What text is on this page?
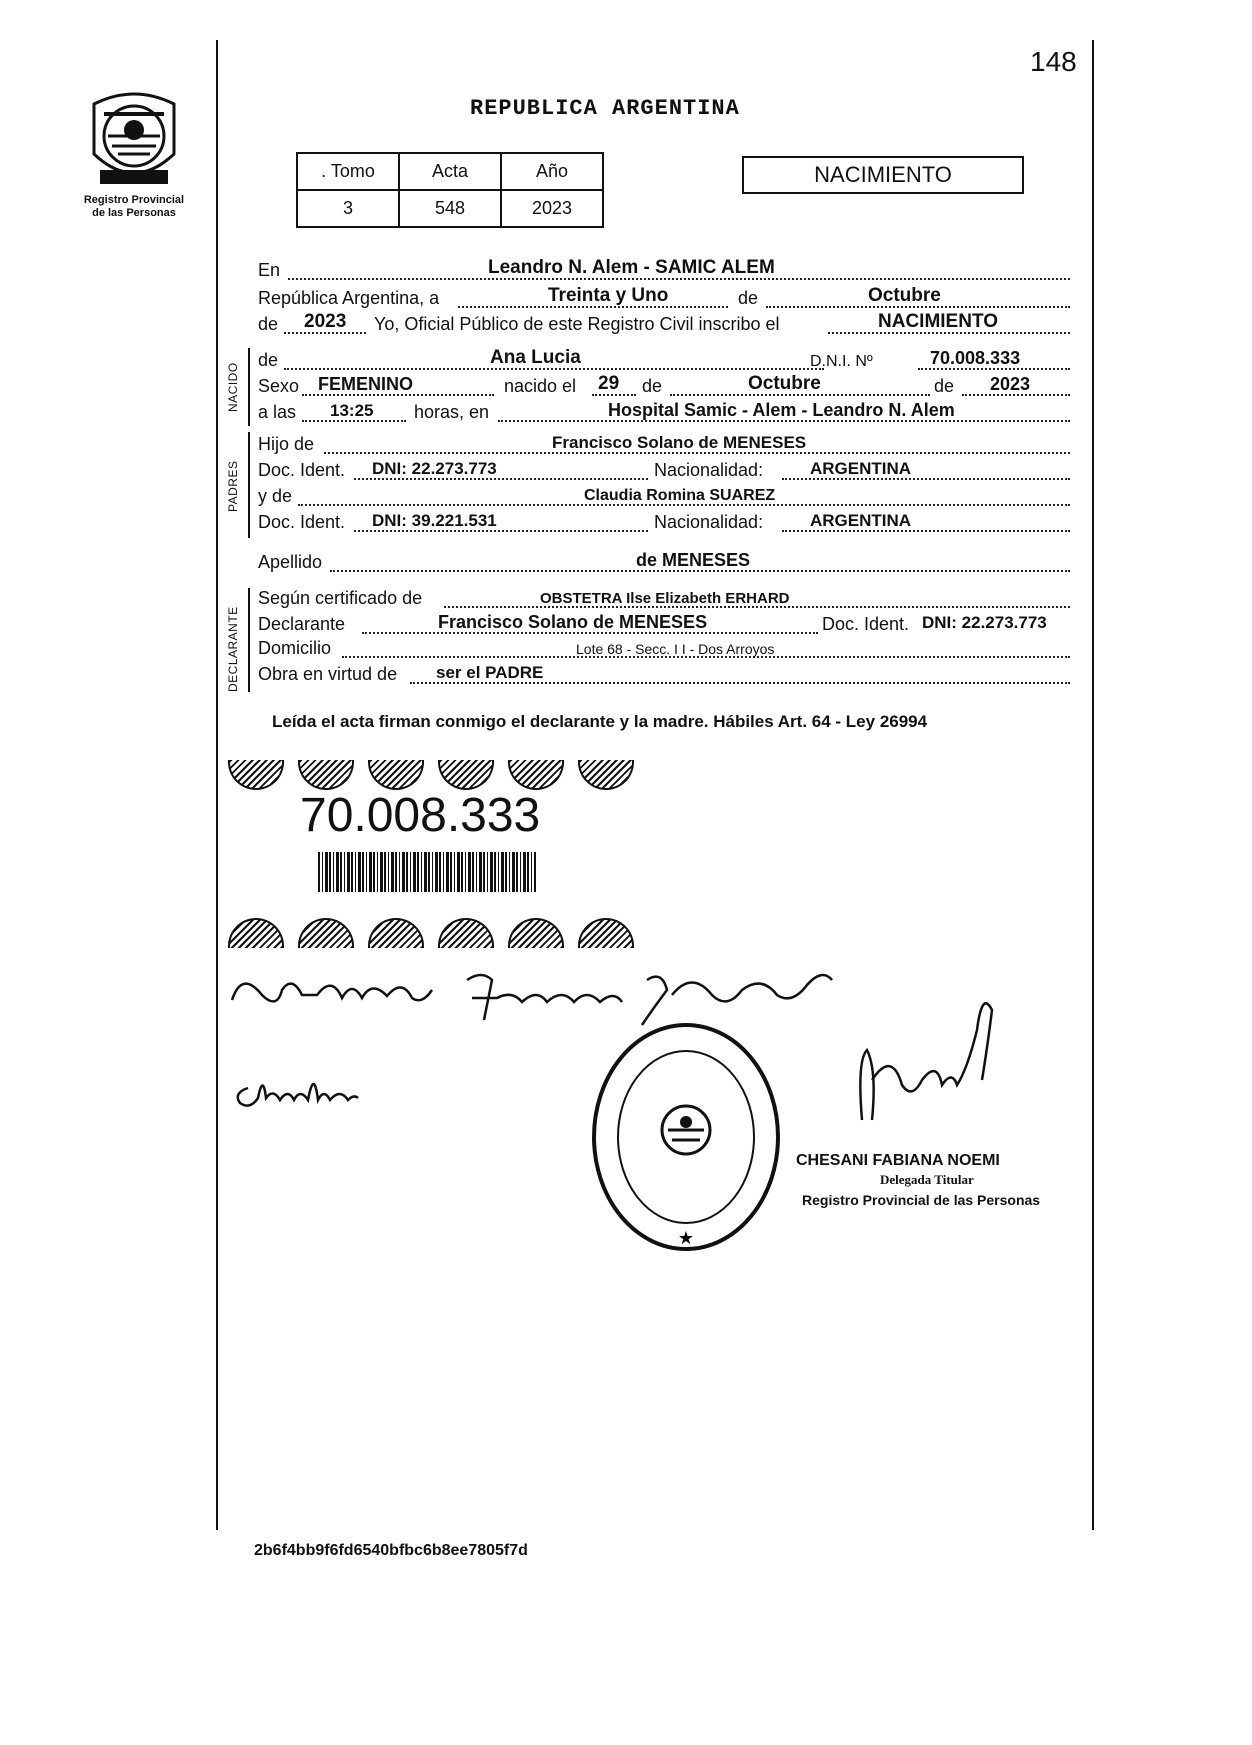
Registro Provincial
de las Personas
148
REPUBLICA ARGENTINA
. Tomo	Acta	Año
3	548	2023
NACIMIENTO
En	Leandro N. Alem - SAMIC ALEM
República Argentina, a	Treinta y Uno	de	Octubre
de 2023 Yo, Oficial Público de este Registro Civil inscribo el	NACIMIENTO
NACIDO
de	Ana Lucia	D.N.I. Nº	70.008.333
Sexo FEMENINO	nacido el 29 de	Octubre	de 2023
a las 13:25 horas, en	Hospital Samic - Alem - Leandro N. Alem
PADRES
Hijo de	Francisco Solano de MENESES
Doc. Ident. DNI: 22.273.773	Nacionalidad:	ARGENTINA
y de	Claudia Romina SUAREZ
Doc. Ident. DNI: 39.221.531	Nacionalidad:	ARGENTINA
Apellido	de MENESES
DECLARANTE
Según certificado de	OBSTETRA Ilse Elizabeth ERHARD
Declarante	Francisco Solano de MENESES	Doc. Ident. DNI: 22.273.773
Domicilio	Lote 68 - Secc. I I - Dos Arroyos
Obra en virtud de ser el PADRE
Leída el acta firman conmigo el declarante y la madre. Hábiles Art. 64 - Ley 26994
70.008.333
★
CHESANI FABIANA NOEMI
Delegada Titular
Registro Provincial de las Personas
2b6f4bb9f6fd6540bfbc6b8ee7805f7d
